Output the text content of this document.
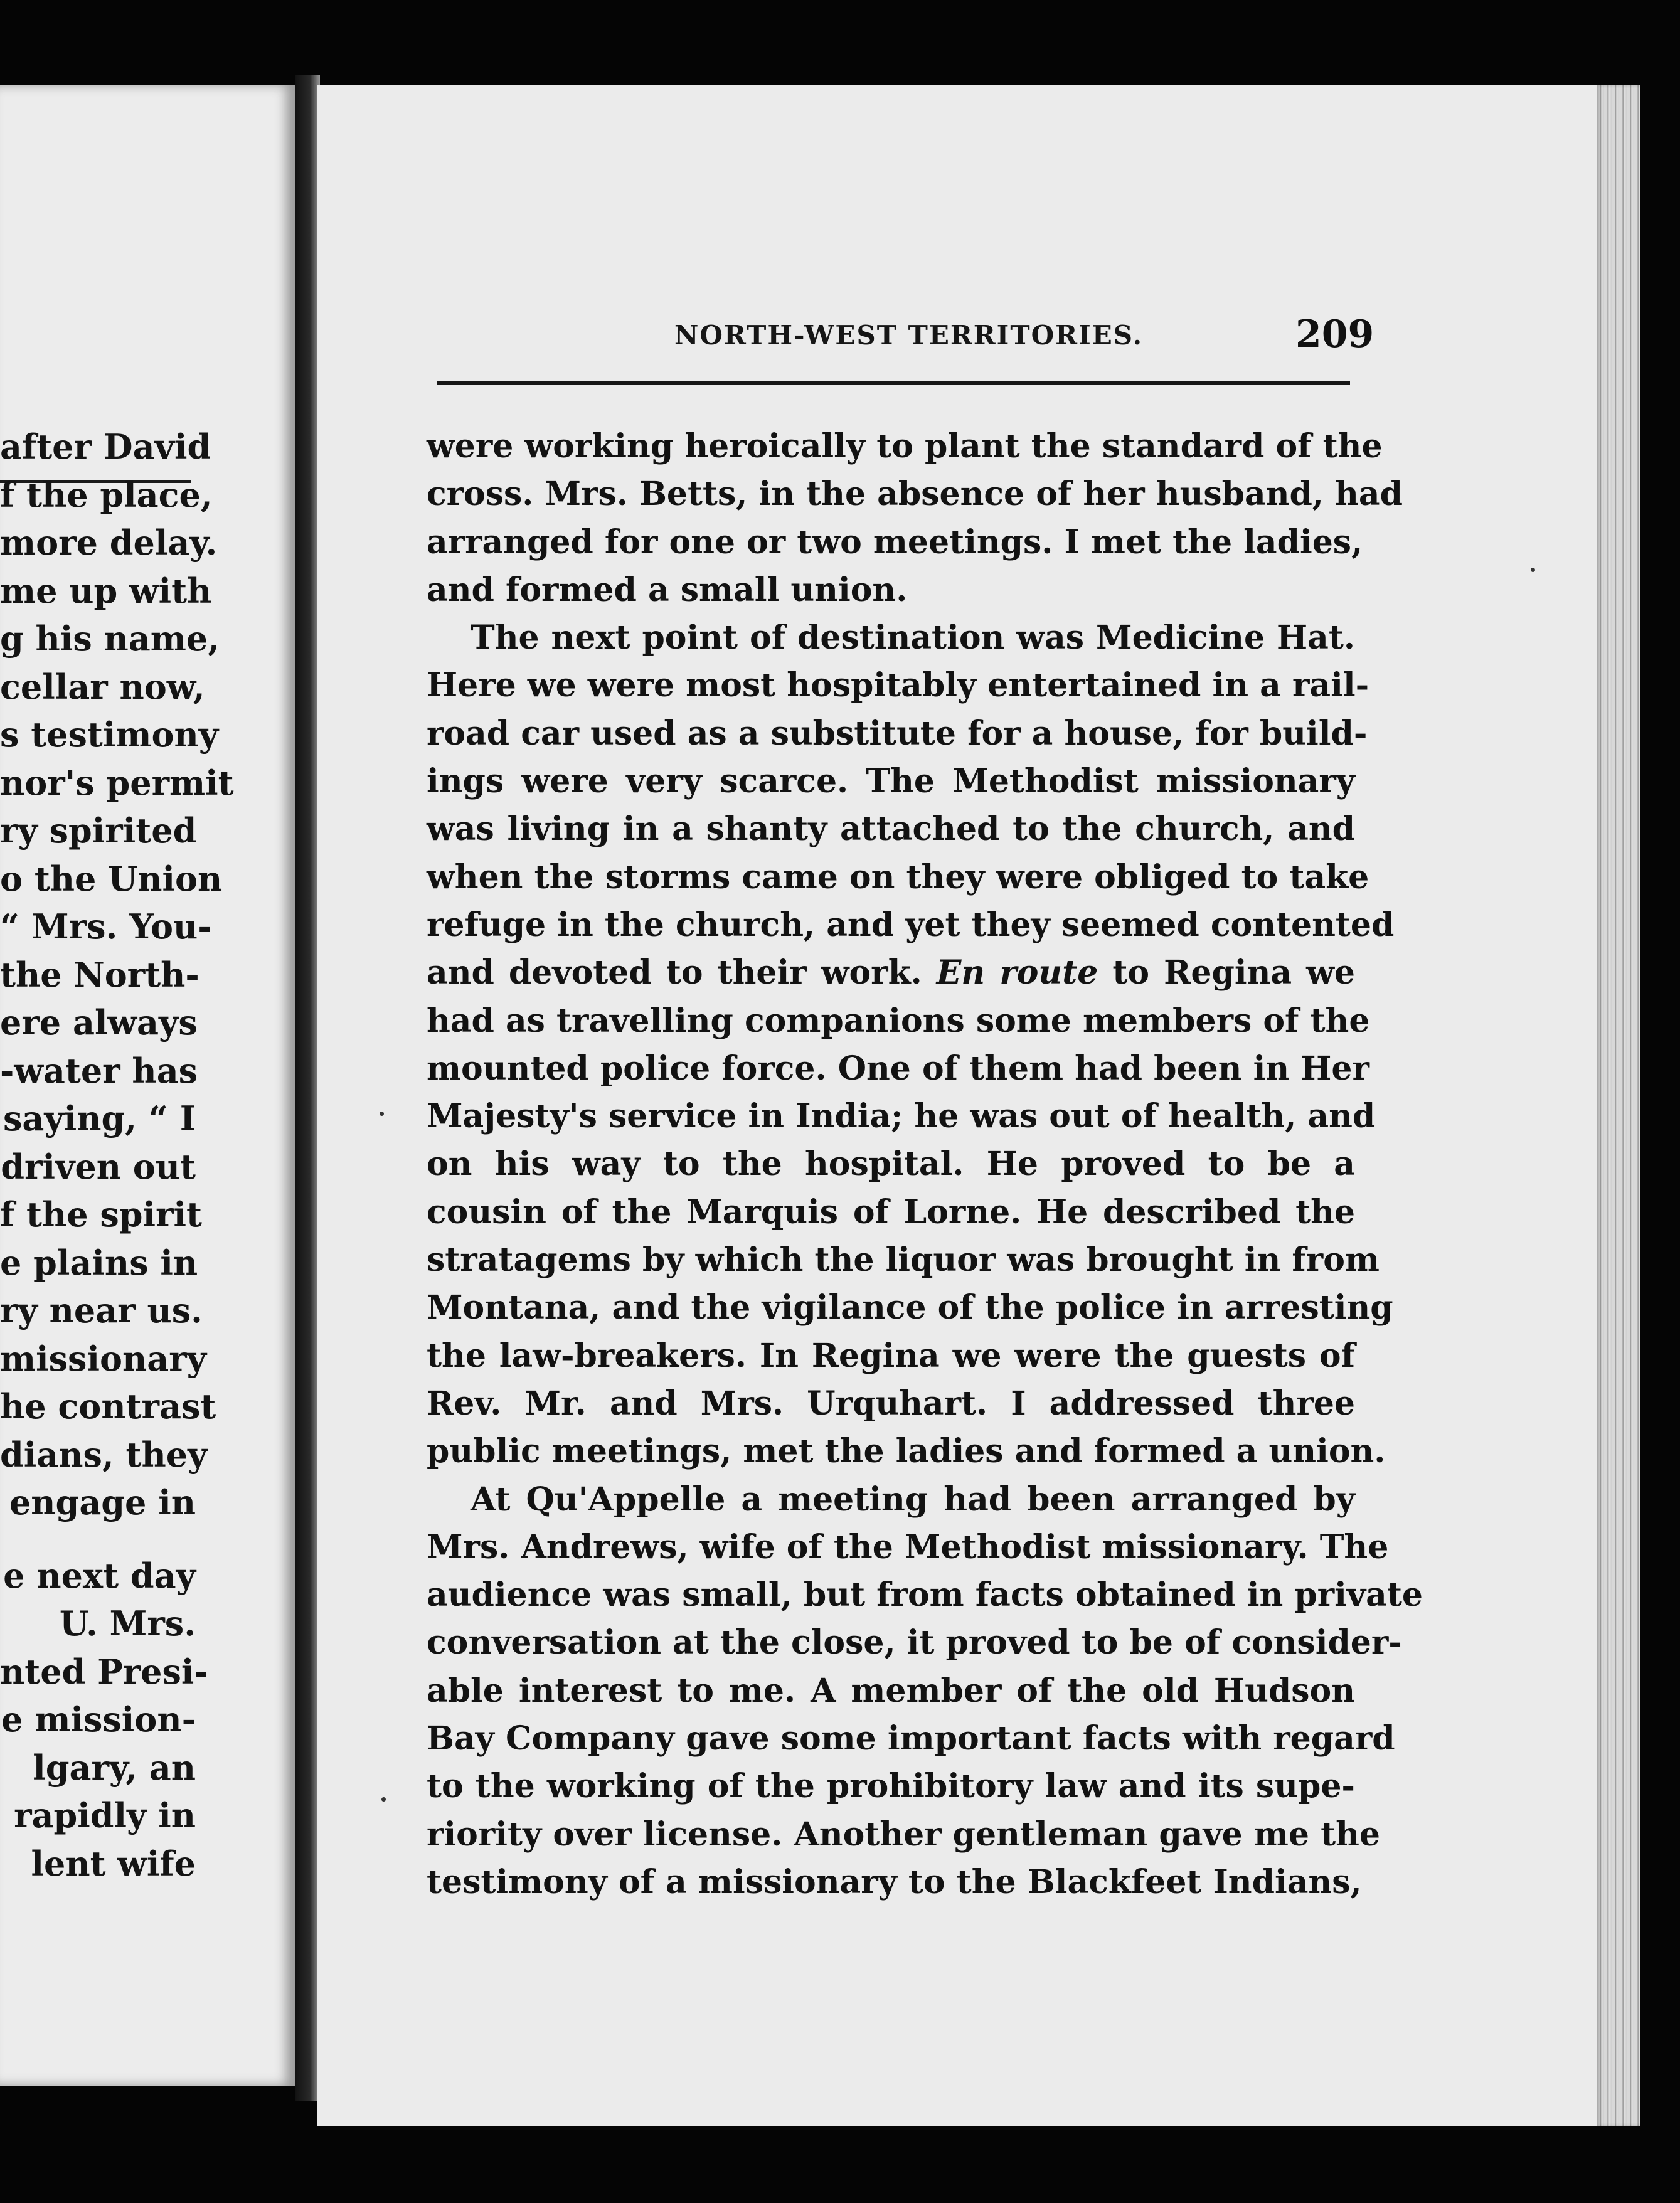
after David
f the place,
more delay.
me up with
g his name,
cellar now,
s testimony
nor's permit
ry spirited
o the Union
“ Mrs. You-
the North-
ere always
-water has
saying, “ I
driven out
f the spirit
e plains in
ry near us.
missionary
he contrast
dians, they
engage in
e next day
U. Mrs.
nted Presi-
e mission-
lgary, an
rapidly in
lent wife
NORTH-WEST TERRITORIES.	209
were working heroically to plant the standard of the
cross. Mrs. Betts, in the absence of her husband, had
arranged for one or two meetings. I met the ladies,
and formed a small union.
The next point of destination was Medicine Hat.
Here we were most hospitably entertained in a rail-
road car used as a substitute for a house, for build-
ings were very scarce. The Methodist missionary
was living in a shanty attached to the church, and
when the storms came on they were obliged to take
refuge in the church, and yet they seemed contented
and devoted to their work. En route to Regina we
had as travelling companions some members of the
mounted police force. One of them had been in Her
Majesty's service in India; he was out of health, and
on his way to the hospital. He proved to be a
cousin of the Marquis of Lorne. He described the
stratagems by which the liquor was brought in from
Montana, and the vigilance of the police in arresting
the law-breakers. In Regina we were the guests of
Rev. Mr. and Mrs. Urquhart. I addressed three
public meetings, met the ladies and formed a union.
At Qu'Appelle a meeting had been arranged by
Mrs. Andrews, wife of the Methodist missionary. The
audience was small, but from facts obtained in private
conversation at the close, it proved to be of consider-
able interest to me. A member of the old Hudson
Bay Company gave some important facts with regard
to the working of the prohibitory law and its supe-
riority over license. Another gentleman gave me the
testimony of a missionary to the Blackfeet Indians,
